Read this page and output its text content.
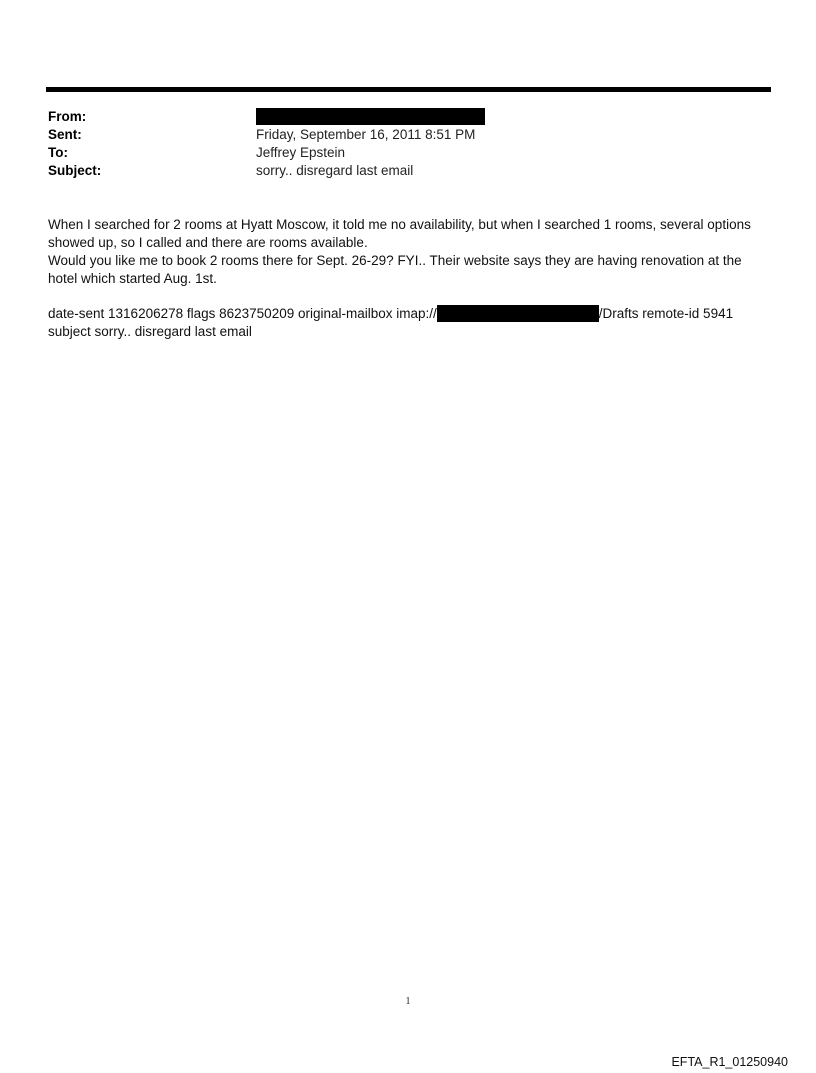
From:
Sent:	Friday, September 16, 2011 8:51 PM
To:	Jeffrey Epstein
Subject:	sorry.. disregard last email

When I searched for 2 rooms at Hyatt Moscow, it told me no availability, but when I searched 1 rooms, several options showed up, so I called and there are rooms available.

Would you like me to book 2 rooms there for Sept. 26-29? FYI.. Their website says they are having renovation at the hotel which started Aug. 1st.

date-sent 1316206278 flags 8623750209 original-mailbox imap://	/Drafts remote-id 5941
subject sorry.. disregard last email

1
EFTA_R1_01250940
